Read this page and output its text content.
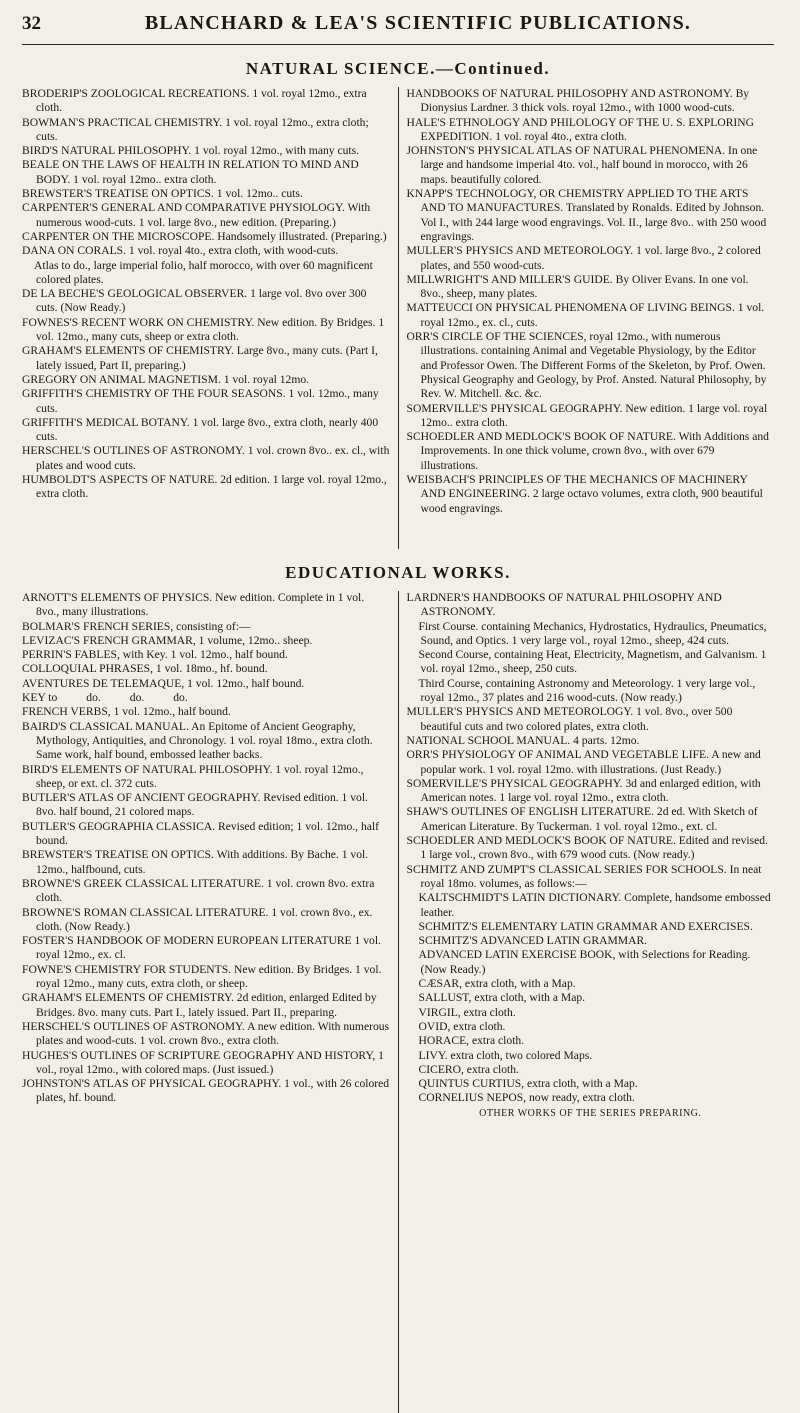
32	BLANCHARD & LEA'S SCIENTIFIC PUBLICATIONS.
NATURAL SCIENCE.—Continued.

BRODERIP'S ZOOLOGICAL RECREATIONS. 1 vol. royal 12mo., extra cloth.

BOWMAN'S PRACTICAL CHEMISTRY. 1 vol. royal 12mo., extra cloth; cuts.

BIRD'S NATURAL PHILOSOPHY. 1 vol. royal 12mo., with many cuts.

BEALE ON THE LAWS OF HEALTH IN RELATION TO MIND AND BODY. 1 vol. royal 12mo.. extra cloth.

BREWSTER'S TREATISE ON OPTICS. 1 vol. 12mo.. cuts.

CARPENTER'S GENERAL AND COMPARATIVE PHYSIOLOGY. With numerous wood-cuts. 1 vol. large 8vo., new edition. (Preparing.)

CARPENTER ON THE MICROSCOPE. Handsomely illustrated. (Preparing.)

DANA ON CORALS. 1 vol. royal 4to., extra cloth, with wood-cuts.

Atlas to do., large imperial folio, half morocco, with over 60 magnificent colored plates.

DE LA BECHE'S GEOLOGICAL OBSERVER. 1 large vol. 8vo over 300 cuts. (Now Ready.)

FOWNES'S RECENT WORK ON CHEMISTRY. New edition. By Bridges. 1 vol. 12mo., many cuts, sheep or extra cloth.

GRAHAM'S ELEMENTS OF CHEMISTRY. Large 8vo., many cuts. (Part I, lately issued, Part II, preparing.)

GREGORY ON ANIMAL MAGNETISM. 1 vol. royal 12mo.

GRIFFITH'S CHEMISTRY OF THE FOUR SEASONS. 1 vol. 12mo., many cuts.

GRIFFITH'S MEDICAL BOTANY. 1 vol. large 8vo., extra cloth, nearly 400 cuts.

HERSCHEL'S OUTLINES OF ASTRONOMY. 1 vol. crown 8vo.. ex. cl., with plates and wood cuts.

HUMBOLDT'S ASPECTS OF NATURE. 2d edition. 1 large vol. royal 12mo., extra cloth.

HANDBOOKS OF NATURAL PHILOSOPHY AND ASTRONOMY. By Dionysius Lardner. 3 thick vols. royal 12mo., with 1000 wood-cuts.

HALE'S ETHNOLOGY AND PHILOLOGY OF THE U. S. EXPLORING EXPEDITION. 1 vol. royal 4to., extra cloth.

JOHNSTON'S PHYSICAL ATLAS OF NATURAL PHENOMENA. In one large and handsome imperial 4to. vol., half bound in morocco, with 26 maps. beautifully colored.

KNAPP'S TECHNOLOGY, OR CHEMISTRY APPLIED TO THE ARTS AND TO MANUFACTURES. Translated by Ronalds. Edited by Johnson. Vol I., with 244 large wood engravings. Vol. II., large 8vo.. with 250 wood engravings.

MULLER'S PHYSICS AND METEOROLOGY. 1 vol. large 8vo., 2 colored plates, and 550 wood-cuts.

MILLWRIGHT'S AND MILLER'S GUIDE. By Oliver Evans. In one vol. 8vo., sheep, many plates.

MATTEUCCI ON PHYSICAL PHENOMENA OF LIVING BEINGS. 1 vol. royal 12mo., ex. cl., cuts.

ORR'S CIRCLE OF THE SCIENCES, royal 12mo., with numerous illustrations. containing Animal and Vegetable Physiology, by the Editor and Professor Owen. The Different Forms of the Skeleton, by Prof. Owen. Physical Geography and Geology, by Prof. Ansted. Natural Philosophy, by Rev. W. Mitchell. &c. &c.

SOMERVILLE'S PHYSICAL GEOGRAPHY. New edition. 1 large vol. royal 12mo.. extra cloth.

SCHOEDLER AND MEDLOCK'S BOOK OF NATURE. With Additions and Improvements. In one thick volume, crown 8vo., with over 679 illustrations.

WEISBACH'S PRINCIPLES OF THE MECHANICS OF MACHINERY AND ENGINEERING. 2 large octavo volumes, extra cloth, 900 beautiful wood engravings.

EDUCATIONAL WORKS.

ARNOTT'S ELEMENTS OF PHYSICS. New edition. Complete in 1 vol. 8vo., many illustrations.

BOLMAR'S FRENCH SERIES, consisting of:—

LEVIZAC'S FRENCH GRAMMAR, 1 volume, 12mo.. sheep.

PERRIN'S FABLES, with Key. 1 vol. 12mo., half bound.

COLLOQUIAL PHRASES, 1 vol. 18mo., hf. bound.

AVENTURES DE TELEMAQUE, 1 vol. 12mo., half bound.

KEY to          do.          do.          do.

FRENCH VERBS, 1 vol. 12mo., half bound.

BAIRD'S CLASSICAL MANUAL. An Epitome of Ancient Geography, Mythology, Antiquities, and Chronology. 1 vol. royal 18mo., extra cloth. Same work, half bound, embossed leather backs.

BIRD'S ELEMENTS OF NATURAL PHILOSOPHY. 1 vol. royal 12mo., sheep, or ext. cl. 372 cuts.

BUTLER'S ATLAS OF ANCIENT GEOGRAPHY. Revised edition. 1 vol. 8vo. half bound, 21 colored maps.

BUTLER'S GEOGRAPHIA CLASSICA. Revised edition; 1 vol. 12mo., half bound.

BREWSTER'S TREATISE ON OPTICS. With additions. By Bache. 1 vol. 12mo., halfbound, cuts.

BROWNE'S GREEK CLASSICAL LITERATURE. 1 vol. crown 8vo. extra cloth.

BROWNE'S ROMAN CLASSICAL LITERATURE. 1 vol. crown 8vo., ex. cloth. (Now Ready.)

FOSTER'S HANDBOOK OF MODERN EUROPEAN LITERATURE 1 vol. royal 12mo., ex. cl.

FOWNE'S CHEMISTRY FOR STUDENTS. New edition. By Bridges. 1 vol. royal 12mo., many cuts, extra cloth, or sheep.

GRAHAM'S ELEMENTS OF CHEMISTRY. 2d edition, enlarged Edited by Bridges. 8vo. many cuts. Part I., lately issued. Part II., preparing.

HERSCHEL'S OUTLINES OF ASTRONOMY. A new edition. With numerous plates and wood-cuts. 1 vol. crown 8vo., extra cloth.

HUGHES'S OUTLINES OF SCRIPTURE GEOGRAPHY AND HISTORY, 1 vol., royal 12mo., with colored maps. (Just issued.)

JOHNSTON'S ATLAS OF PHYSICAL GEOGRAPHY. 1 vol., with 26 colored plates, hf. bound.

LARDNER'S HANDBOOKS OF NATURAL PHILOSOPHY AND ASTRONOMY.

First Course. containing Mechanics, Hydrostatics, Hydraulics, Pneumatics, Sound, and Optics. 1 very large vol., royal 12mo., sheep, 424 cuts.

Second Course, containing Heat, Electricity, Magnetism, and Galvanism. 1 vol. royal 12mo., sheep, 250 cuts.

Third Course, containing Astronomy and Meteorology. 1 very large vol., royal 12mo., 37 plates and 216 wood-cuts. (Now ready.)

MULLER'S PHYSICS AND METEOROLOGY. 1 vol. 8vo., over 500 beautiful cuts and two colored plates, extra cloth.

NATIONAL SCHOOL MANUAL. 4 parts. 12mo.

ORR'S PHYSIOLOGY OF ANIMAL AND VEGETABLE LIFE. A new and popular work. 1 vol. royal 12mo. with illustrations. (Just Ready.)

SOMERVILLE'S PHYSICAL GEOGRAPHY. 3d and enlarged edition, with American notes. 1 large vol. royal 12mo., extra cloth.

SHAW'S OUTLINES OF ENGLISH LITERATURE. 2d ed. With Sketch of American Literature. By Tuckerman. 1 vol. royal 12mo., ext. cl.

SCHOEDLER AND MEDLOCK'S BOOK OF NATURE. Edited and revised. 1 large vol., crown 8vo., with 679 wood cuts. (Now ready.)

SCHMITZ AND ZUMPT'S CLASSICAL SERIES FOR SCHOOLS. In neat royal 18mo. volumes, as follows:—

KALTSCHMIDT'S LATIN DICTIONARY. Complete, handsome embossed leather.

SCHMITZ'S ELEMENTARY LATIN GRAMMAR AND EXERCISES.

SCHMITZ'S ADVANCED LATIN GRAMMAR.

ADVANCED LATIN EXERCISE BOOK, with Selections for Reading. (Now Ready.)

CÆSAR, extra cloth, with a Map.

SALLUST, extra cloth, with a Map.

VIRGIL, extra cloth.

OVID, extra cloth.

HORACE, extra cloth.

LIVY. extra cloth, two colored Maps.

CICERO, extra cloth.

QUINTUS CURTIUS, extra cloth, with a Map.

CORNELIUS NEPOS, now ready, extra cloth.

OTHER WORKS OF THE SERIES PREPARING.
